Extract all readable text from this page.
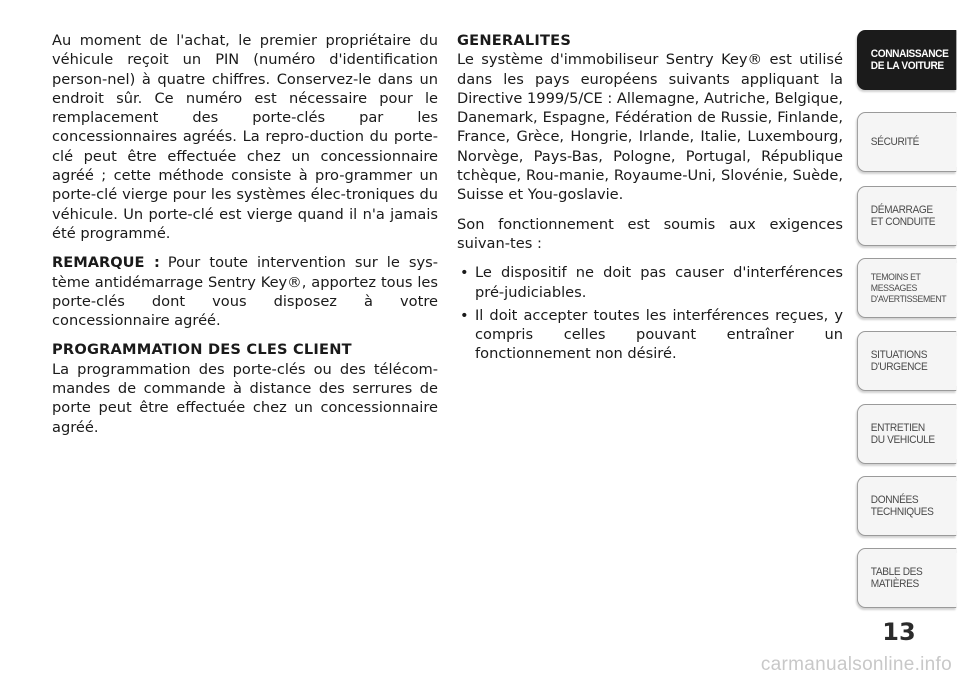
Au moment de l'achat, le premier propriétaire du véhicule reçoit un PIN (numéro d'identification person-nel) à quatre chiffres. Conservez-le dans un endroit sûr. Ce numéro est nécessaire pour le remplacement des porte-clés par les concessionnaires agréés. La repro-duction du porte-clé peut être effectuée chez un concessionnaire agréé ; cette méthode consiste à pro-grammer un porte-clé vierge pour les systèmes élec-troniques du véhicule. Un porte-clé est vierge quand il n'a jamais été programmé.

REMARQUE : Pour toute intervention sur le sys-tème antidémarrage Sentry Key®, apportez tous les porte-clés dont vous disposez à votre concessionnaire agréé.

PROGRAMMATION DES CLES CLIENT
La programmation des porte-clés ou des télécom-mandes de commande à distance des serrures de porte peut être effectuée chez un concessionnaire agréé.

GENERALITES
Le système d'immobiliseur Sentry Key® est utilisé dans les pays européens suivants appliquant la Directive 1999/5/CE : Allemagne, Autriche, Belgique, Danemark, Espagne, Fédération de Russie, Finlande, France, Grèce, Hongrie, Irlande, Italie, Luxembourg, Norvège, Pays-Bas, Pologne, Portugal, République tchèque, Rou-manie, Royaume-Uni, Slovénie, Suède, Suisse et You-goslavie.

Son fonctionnement est soumis aux exigences suivan-tes :

• Le dispositif ne doit pas causer d'interférences pré-judiciables.
• Il doit accepter toutes les interférences reçues, y compris celles pouvant entraîner un fonctionnement non désiré.
CONNAISSANCE
DE LA VOITURE
SÉCURITÉ
DÉMARRAGE
ET CONDUITE
TEMOINS ET
MESSAGES
D'AVERTISSEMENT
SITUATIONS
D'URGENCE
ENTRETIEN
DU VEHICULE
DONNÉES
TECHNIQUES
TABLE DES
MATIÈRES
13
carmanualsonline.info
